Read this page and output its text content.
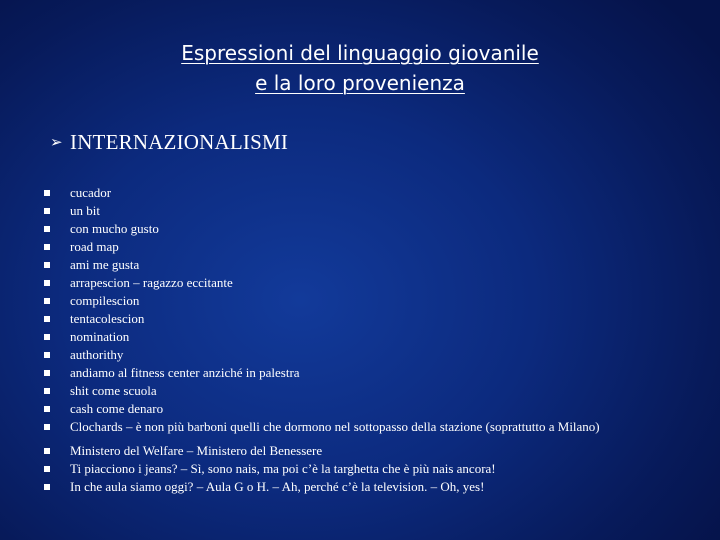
Espressioni del linguaggio giovanile
e la loro provenienza
➢ INTERNAZIONALISMI
cucador
un bit
con mucho gusto
road map
ami me gusta
arrapescion – ragazzo eccitante
compilescion
tentacolescion
nomination
authorithy
andiamo al fitness center anziché in palestra
shit come scuola
cash come denaro
Clochards – è non più barboni quelli che dormono nel sottopasso della stazione (soprattutto a Milano)
Ministero del Welfare – Ministero del Benessere
Ti piacciono i jeans? – Sì, sono nais, ma poi c’è la targhetta che è più nais ancora!
In che aula siamo oggi? – Aula G o H. – Ah, perché c’è la television. – Oh, yes!
